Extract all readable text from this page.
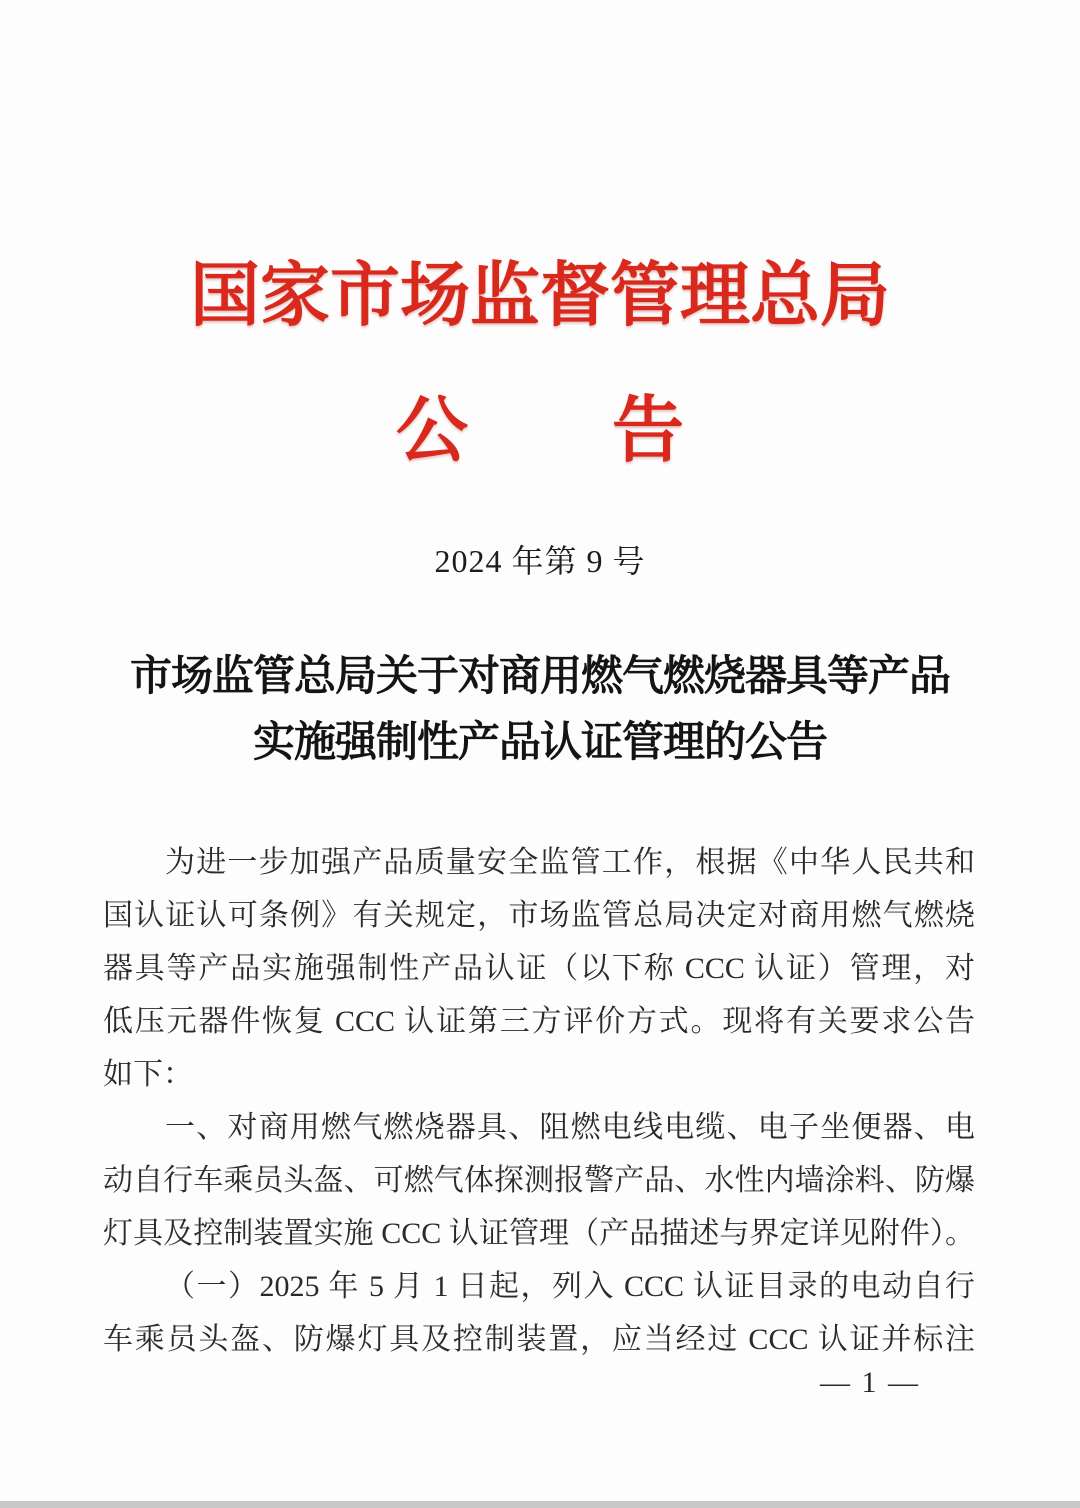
国家市场监督管理总局
公　　告
2024 年第 9 号
市场监管总局关于对商用燃气燃烧器具等产品
实施强制性产品认证管理的公告
为进一步加强产品质量安全监管工作，根据《中华人民共和
国认证认可条例》有关规定，市场监管总局决定对商用燃气燃烧
器具等产品实施强制性产品认证（以下称 CCC 认证）管理，对
低压元器件恢复 CCC 认证第三方评价方式。现将有关要求公告
如下：
一、对商用燃气燃烧器具、阻燃电线电缆、电子坐便器、电
动自行车乘员头盔、可燃气体探测报警产品、水性内墙涂料、防爆
灯具及控制装置实施 CCC 认证管理（产品描述与界定详见附件）。
（一）2025 年 5 月 1 日起，列入 CCC 认证目录的电动自行
车乘员头盔、防爆灯具及控制装置，应当经过 CCC 认证并标注
— 1 —
